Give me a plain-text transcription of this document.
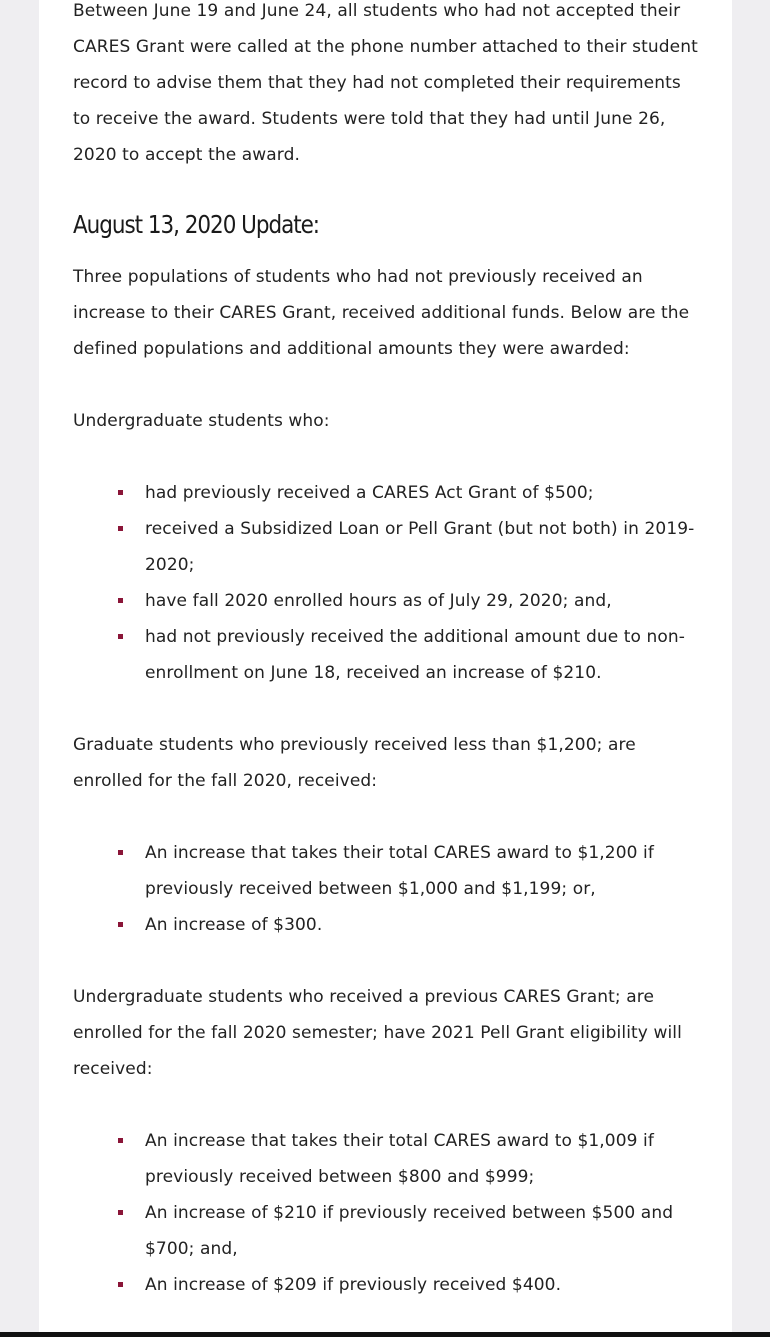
Between June 19 and June 24, all students who had not accepted their CARES Grant were called at the phone number attached to their student record to advise them that they had not completed their requirements to receive the award. Students were told that they had until June 26, 2020 to accept the award.

August 13, 2020 Update:

Three populations of students who had not previously received an increase to their CARES Grant, received additional funds. Below are the defined populations and additional amounts they were awarded:

Undergraduate students who:

had previously received a CARES Act Grant of $500;
received a Subsidized Loan or Pell Grant (but not both) in 2019-2020;
have fall 2020 enrolled hours as of July 29, 2020; and,
had not previously received the additional amount due to non-enrollment on June 18, received an increase of $210.

Graduate students who previously received less than $1,200; are enrolled for the fall 2020, received:

An increase that takes their total CARES award to $1,200 if previously received between $1,000 and $1,199; or,
An increase of $300.

Undergraduate students who received a previous CARES Grant; are enrolled for the fall 2020 semester; have 2021 Pell Grant eligibility will received:

An increase that takes their total CARES award to $1,009 if previously received between $800 and $999;
An increase of $210 if previously received between $500 and $700; and,
An increase of $209 if previously received $400.
